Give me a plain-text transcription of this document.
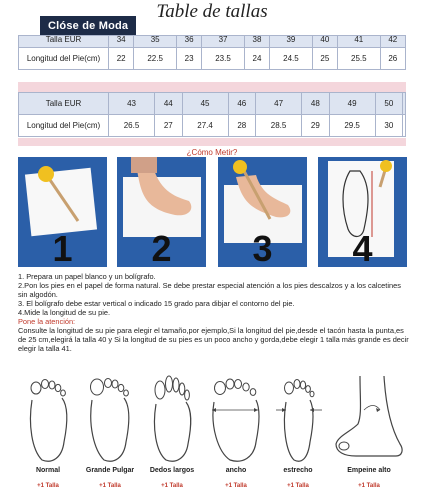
Table de tallas
Clóse de Moda
Talla EUR	34	35	36	37	38	39	40	41	42
Longitud del Pie(cm)	22	22.5	23	23.5	24	24.5	25	25.5	26
Talla EUR	43	44	45	46	47	48	49	50	
Longitud del Pie(cm)	26.5	27	27.4	28	28.5	29	29.5	30	
¿Cómo Metir?
1	2	3	4

1. Prepara un papel blanco y un bolígrafo.

2.Pon los pies en el papel de forma natural. Se debe prestar especial atención a los pies descalzos y a los calcetines sin algodón.

3. El bolígrafo debe estar vertical o indicado 15 grado para dibjar el contorno del pie.

4.Mide la longitud de su pie.

Pone la atención:

Consulte la longitud de su pie para elegir el tamaño,por ejemplo,Si la longitud del pie,desde el tacón hasta la punta,es de 25 cm,elegirá la talla 40 y Si la longitud de su pies es un poco ancho y gorda,debe elegir 1 talla más grande es decir elegir la talla 41.

Normal
+1 Talla
Grande Pulgar
+1 Talla
Dedos largos
+1 Talla
ancho
+1 Talla
estrecho
+1 Talla
Empeine alto
+1 Talla
